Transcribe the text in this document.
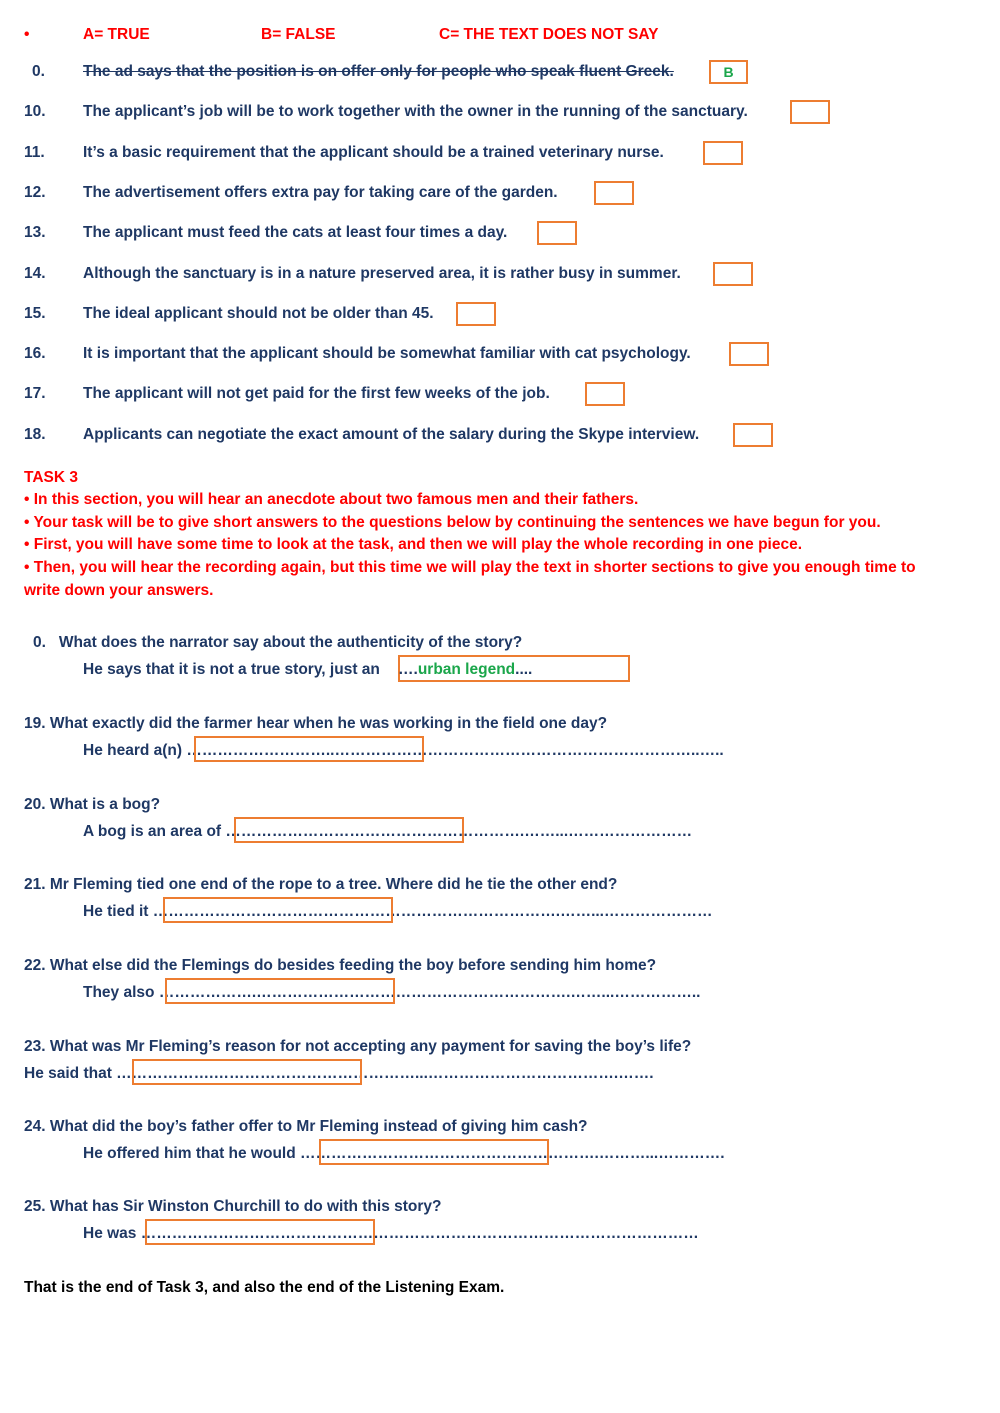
•	A= TRUE	B= FALSE	C= THE TEXT DOES NOT SAY
0. The ad says that the position is on offer only for people who speak fluent Greek.	B
10. The applicant’s job will be to work together with the owner in the running of the sanctuary.
11. It’s a basic requirement that the applicant should be a trained veterinary nurse.
12. The advertisement offers extra pay for taking care of the garden.
13. The applicant must feed the cats at least four times a day.
14. Although the sanctuary is in a nature preserved area, it is rather busy in summer.
15. The ideal applicant should not be older than 45.
16. It is important that the applicant should be somewhat familiar with cat psychology.
17. The applicant will not get paid for the first few weeks of the job.
18. Applicants can negotiate the exact amount of the salary during the Skype interview.
TASK 3

• In this section, you will hear an anecdote about two famous men and their fathers.

• Your task will be to give short answers to the questions below by continuing the sentences we have begun for you.

• First, you will have some time to look at the task, and then we will play the whole recording in one piece.

• Then, you will hear the recording again, but this time we will play the text in shorter sections to give you enough time to

write down your answers.

0.   What does the narrator say about the authenticity of the story?
He says that it is not a true story, just an ….urban legend....
19. What exactly did the farmer hear when he was working in the field one day?
He heard a(n) ………………………..……………………………………………………………..…..
20. What is a bog?
A bog is an area of ………………………………………………….……...……………………
21. Mr Fleming tied one end of the rope to a tree. Where did he tie the other end?
He tied it …………………………………………………………………….……...…………………
22. What else did the Flemings do besides feeding the boy before sending him home?
They also ……………….…………………………………………………….……...……………..
23. What was Mr Fleming’s reason for not accepting any payment for saving the boy’s life?
He said that ……………….…………………………………...……………………………….…….
24. What did the boy’s father offer to Mr Fleming instead of giving him cash?
He offered him that he would ………………………………………………….………...………….
25. What has Sir Winston Churchill to do with this story?
He was ………………………………………………………………………………………………
That is the end of Task 3, and also the end of the Listening Exam.
